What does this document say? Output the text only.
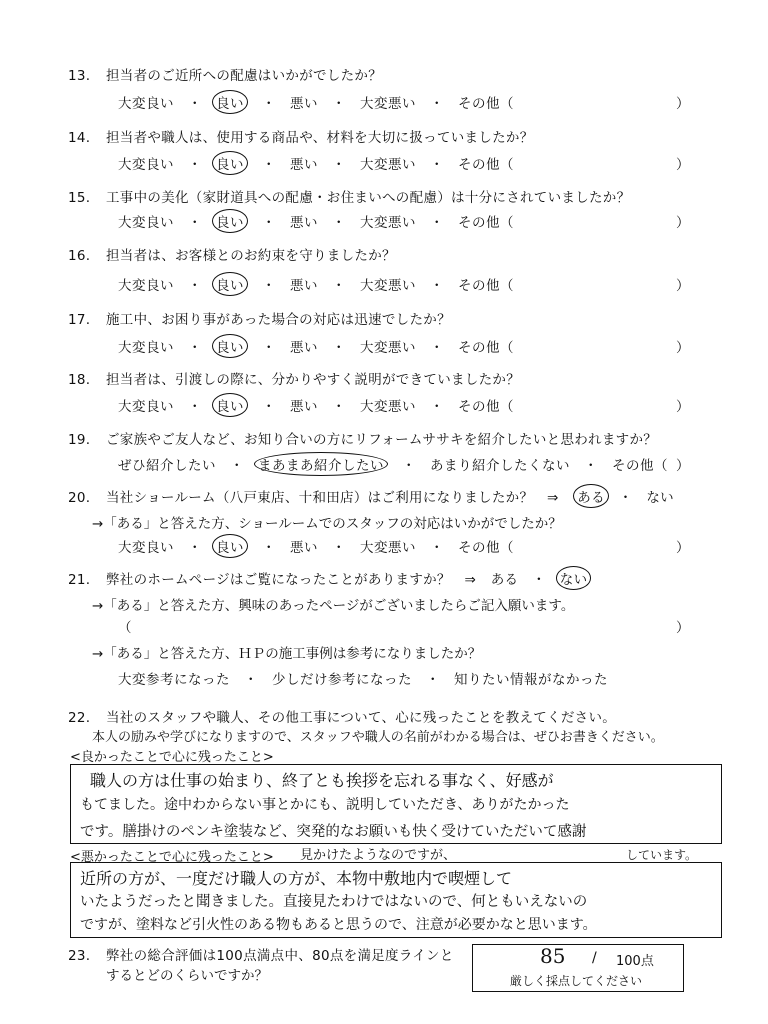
13. 担当者のご近所への配慮はいかがでしたか？
大変良い　 ・　 良い　 ・　 悪い　 ・　 大変悪い　 ・　 その他（	）
14. 担当者や職人は、使用する商品や、材料を大切に扱っていましたか？
大変良い　 ・　 良い　 ・　 悪い　 ・　 大変悪い　 ・　 その他（	）
15. 工事中の美化（家財道具への配慮・お住まいへの配慮）は十分にされていましたか？
大変良い　 ・　 良い　 ・　 悪い　 ・　 大変悪い　 ・　 その他（	）
16. 担当者は、お客様とのお約束を守りましたか？
大変良い　 ・　 良い　 ・　 悪い　 ・　 大変悪い　 ・　 その他（	）
17. 施工中、お困り事があった場合の対応は迅速でしたか？
大変良い　 ・　 良い　 ・　 悪い　 ・　 大変悪い　 ・　 その他（	）
18. 担当者は、引渡しの際に、分かりやすく説明ができていましたか？
大変良い　 ・　 良い　 ・　 悪い　 ・　 大変悪い　 ・　 その他（	）
19. ご家族やご友人など、お知り合いの方にリフォームササキを紹介したいと思われますか？
ぜひ紹介したい　 ・　 まあまあ紹介したい　 ・　 あまり紹介したくない　 ・　 その他（ ）
20. 当社ショールーム（八戸東店、十和田店）はご利用になりましたか？　⇒ ある　 ・　 ない
→「ある」と答えた方、ショールームでのスタッフの対応はいかがでしたか？
大変良い　 ・　 良い　 ・　 悪い　 ・　 大変悪い　 ・　 その他（	）
21. 弊社のホームページはご覧になったことがありますか？　⇒ ある　 ・　 ない
→「ある」と答えた方、興味のあったページがございましたらご記入願います。
（	）
→「ある」と答えた方、ＨＰの施工事例は参考になりましたか？
大変参考になった　 ・　 少しだけ参考になった　 ・　 知りたい情報がなかった
22. 当社のスタッフや職人、その他工事について、心に残ったことを教えてください。
本人の励みや学びになりますので、スタッフや職人の名前がわかる場合は、ぜひお書きください。
<良かったことで心に残ったこと>
職人の方は仕事の始まり、終了とも挨拶を忘れる事なく、好感が
もてました。途中わからない事とかにも、説明していただき、ありがたかった
です。膳掛けのペンキ塗装など、突発的なお願いも快く受けていただいて感謝
<悪かったことで心に残ったこと> 見かけたようなのですが、	しています。
近所の方が、一度だけ職人の方が、本物中敷地内で喫煙して
いたようだったと聞きました。直接見たわけではないので、何ともいえないの
ですが、塗料など引火性のある物もあると思うので、注意が必要かなと思います。
23. 弊社の総合評価は100点満点中、80点を満足度ラインと
するとどのくらいですか？
85 / 100点
厳しく採点してください
